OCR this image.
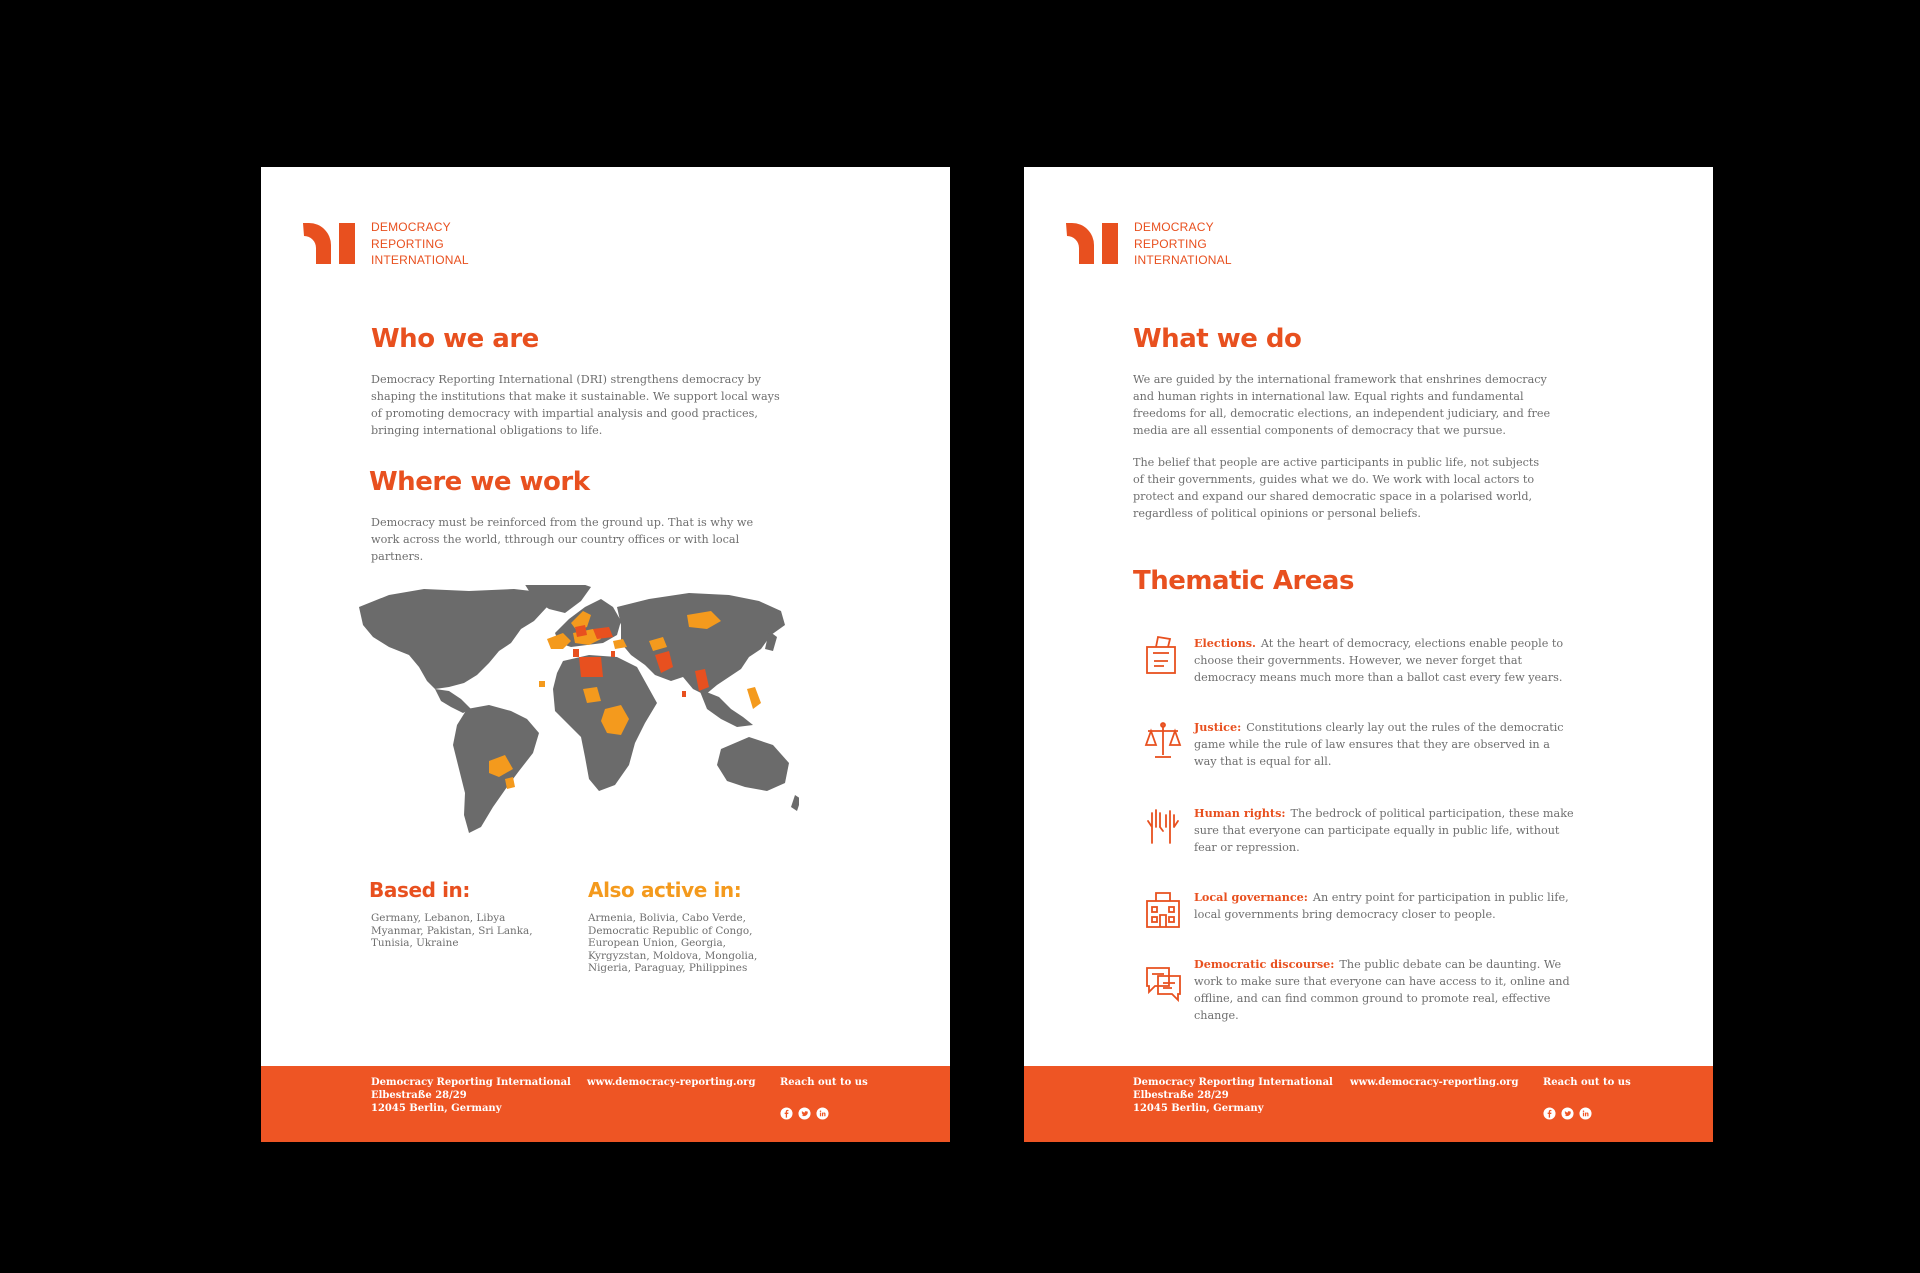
DEMOCRACY
REPORTING
INTERNATIONAL
Who we are

Democracy Reporting International (DRI) strengthens democracy by shaping the institutions that make it sustainable. We support local ways of promoting democracy with impartial analysis and good practices, bringing international obligations to life.

Where we work

Democracy must be reinforced from the ground up. That is why we work across the world, tthrough our country offices or with local partners.

Based in:

Germany, Lebanon, Libya Myanmar, Pakistan, Sri Lanka, Tunisia, Ukraine

Also active in:

Armenia, Bolivia, Cabo Verde, Democratic Republic of Congo, European Union, Georgia, Kyrgyzstan, Moldova, Mongolia, Nigeria, Paraguay, Philippines

Democracy Reporting International
Elbestraße 28/29
12045 Berlin, Germany
www.democracy-reporting.org Reach out to us
DEMOCRACY
REPORTING
INTERNATIONAL
What we do

We are guided by the international framework that enshrines democracy and human rights in international law. Equal rights and fundamental freedoms for all, democratic elections, an independent judiciary, and free media are all essential components of democracy that we pursue.

The belief that people are active participants in public life, not subjects of their governments, guides what we do. We work with local actors to protect and expand our shared democratic space in a polarised world, regardless of political opinions or personal beliefs.

Thematic Areas

Elections. At the heart of democracy, elections enable people to choose their governments. However, we never forget that democracy means much more than a ballot cast every few years.

Justice: Constitutions clearly lay out the rules of the democratic game while the rule of law ensures that they are observed in a way that is equal for all.

Human rights: The bedrock of political participation, these make sure that everyone can participate equally in public life, without fear or repression.

Local governance: An entry point for participation in public life, local governments bring democracy closer to people.

Democratic discourse: The public debate can be daunting. We work to make sure that everyone can have access to it, online and offline, and can find common ground to promote real, effective change.

Democracy Reporting International
Elbestraße 28/29
12045 Berlin, Germany
www.democracy-reporting.org Reach out to us
